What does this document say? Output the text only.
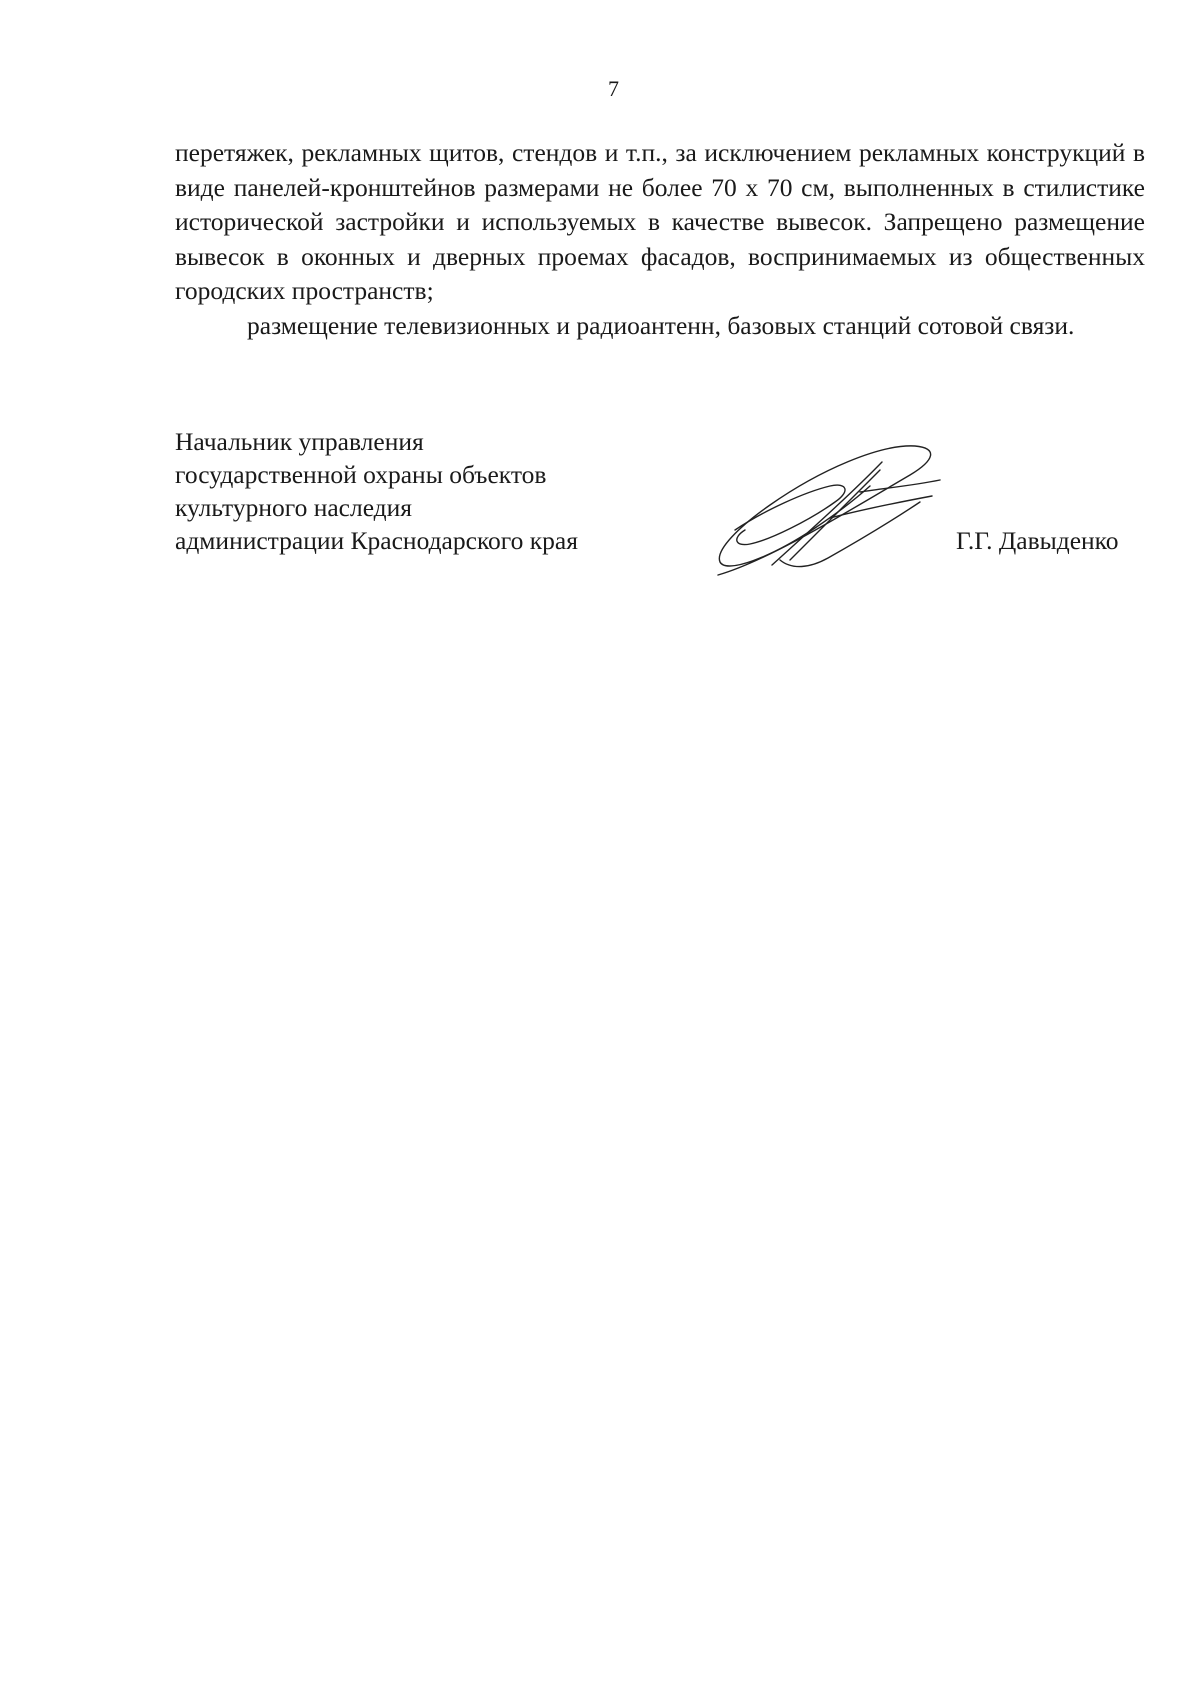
7

перетяжек, рекламных щитов, стендов и т.п., за исключением рекламных конструкций в виде панелей-кронштейнов размерами не более 70 х 70 см, выполненных в стилистике исторической застройки и используемых в качестве вывесок. Запрещено размещение вывесок в оконных и дверных проемах фасадов, воспринимаемых из общественных городских пространств;

размещение телевизионных и радиоантенн, базовых станций сотовой связи.

Начальник управления
государственной охраны объектов
культурного наследия
администрации Краснодарского края	Г.Г. Давыденко
